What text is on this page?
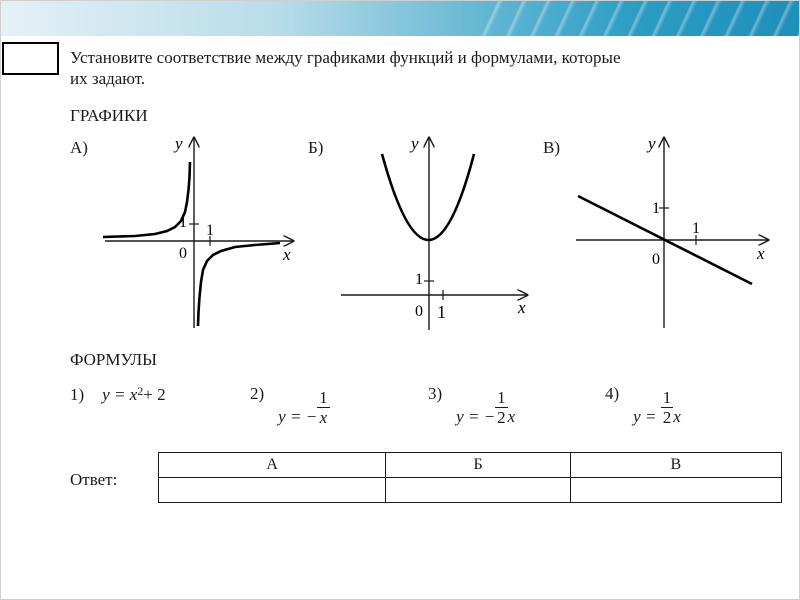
Установите соответствие между графиками функций и формулами, которые
их задают.
ГРАФИКИ
А)	Б)	В)
y
x
0
1
1
y
x
0 1
1
y
x
0
1
1
ФОРМУЛЫ
1) $y = x^2 + 2$	2)
y = − $\frac{1}{x}$	3)
y = − $\frac{1}{2}$ x
4)
$y = \frac{1}{2}$ x
Ответ:
А	Б	В
